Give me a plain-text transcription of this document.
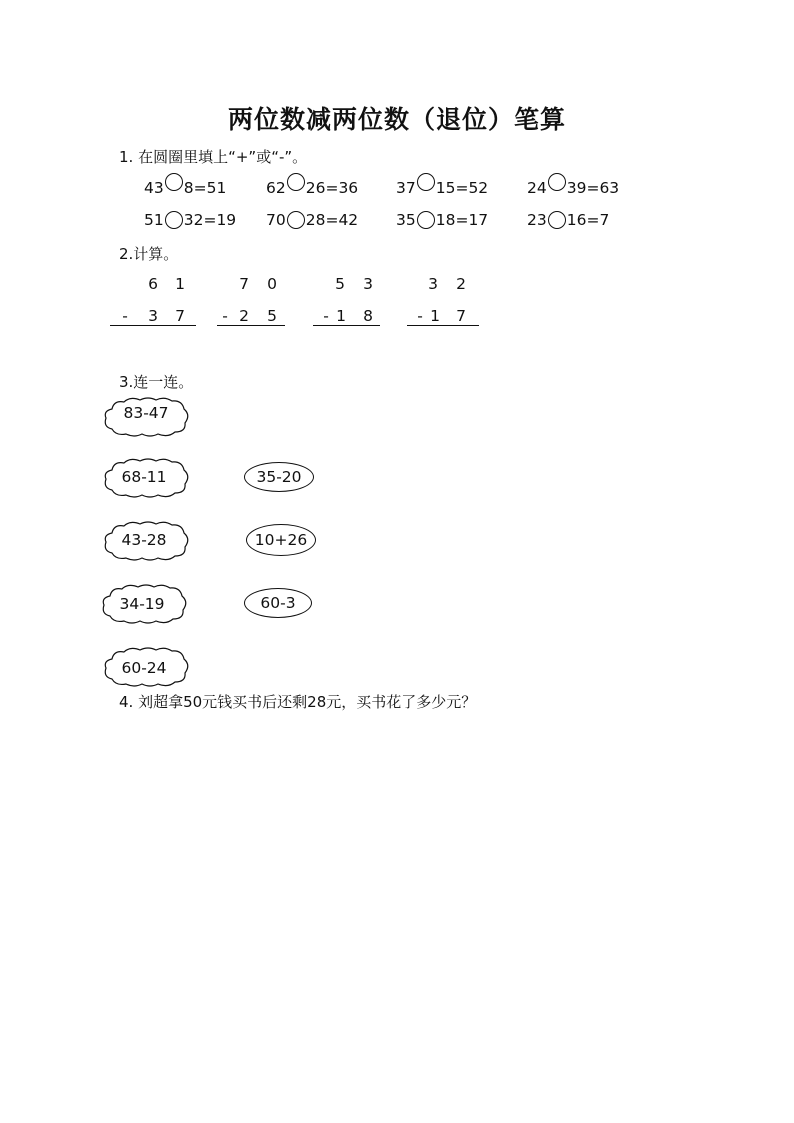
两位数减两位数（退位）笔算
1. 在圆圈里填上“+”或“-”。
43 8=51	62 26=36 37 15=52	24 39=63
51 32=19 70 28=42 35 18=17	23 16=7
2.计算。
6	1
-	3	7
7	0
- 2	5
5	3
- 1	8
3	2
- 1	7
3.连一连。
83-47
68-11
43-28
34-19
60-24
35-20
10+26
60-3
4. 刘超拿50元钱买书后还剩28元，买书花了多少元？
